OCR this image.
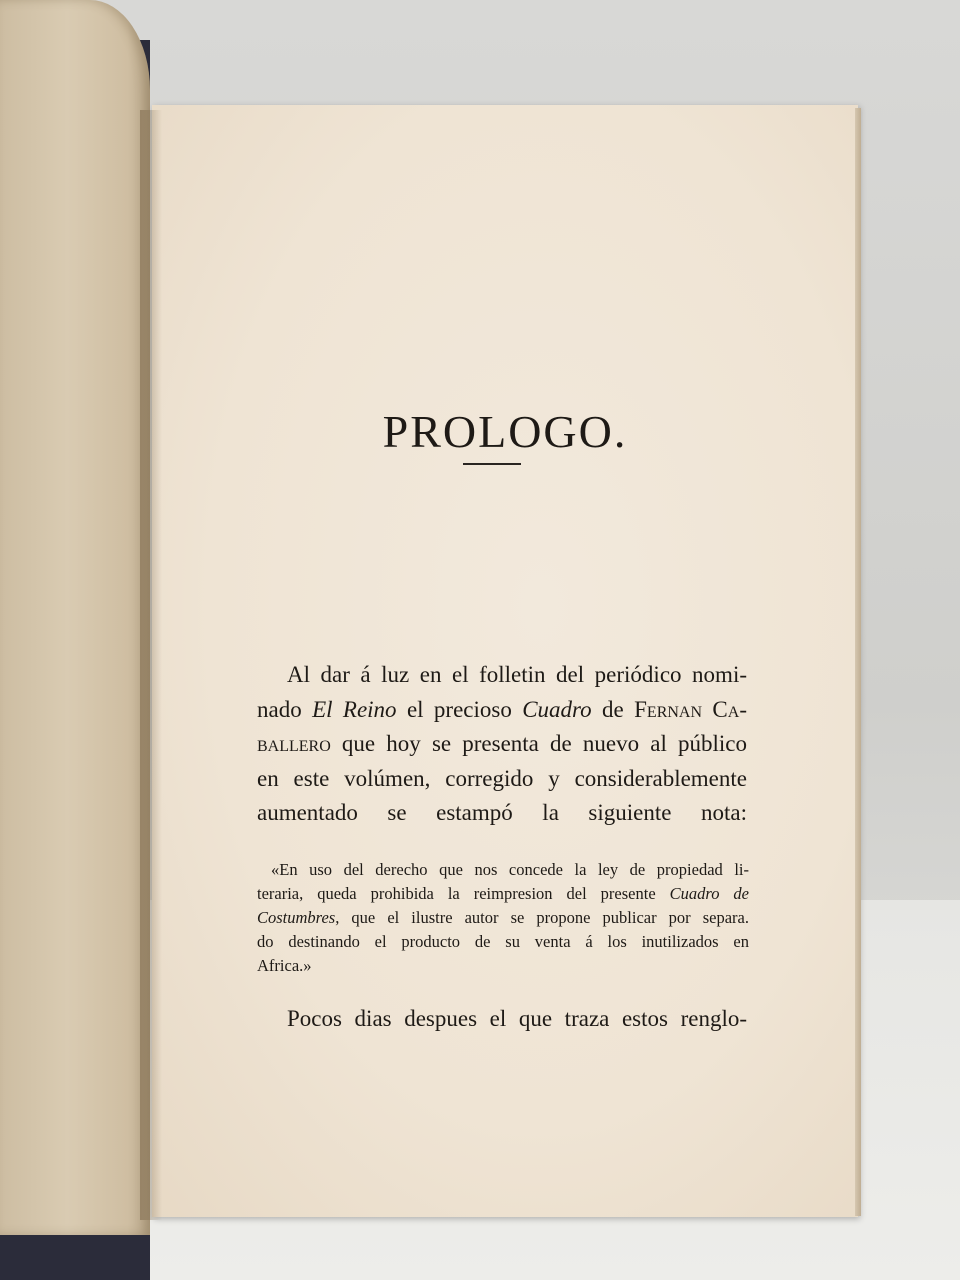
PROLOGO.
Al dar á luz en el folletin del periódico nomi-
nado El Reino el precioso Cuadro de Fernan Ca-
ballero que hoy se presenta de nuevo al público
en este volúmen, corregido y considerablemente
aumentado se estampó la siguiente nota:
«En uso del derecho que nos concede la ley de propiedad li-
teraria, queda prohibida la reimpresion del presente Cuadro de
Costumbres, que el ilustre autor se propone publicar por separa.
do destinando el producto de su venta á los inutilizados en
Africa.»
Pocos dias despues el que traza estos renglo-
